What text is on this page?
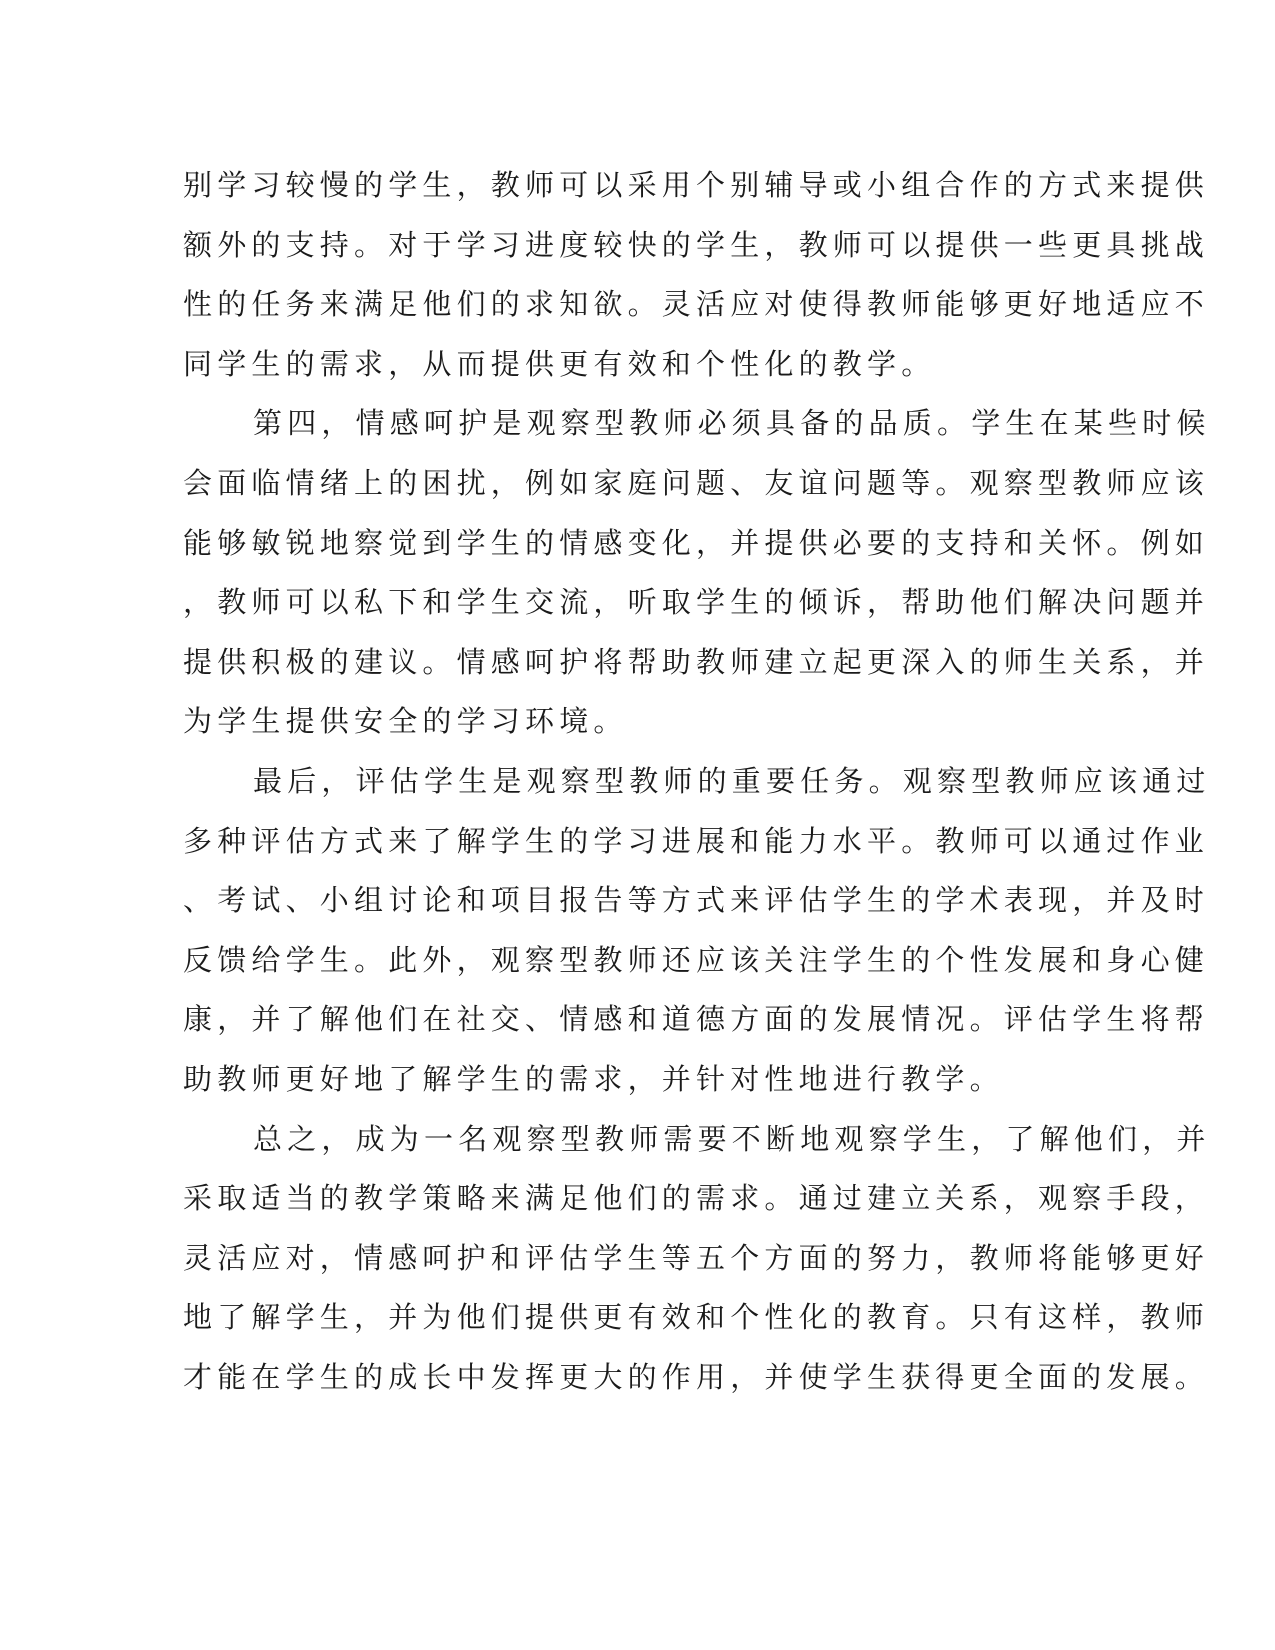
别学习较慢的学生，教师可以采用个别辅导或小组合作的方式来提供
额外的支持。对于学习进度较快的学生，教师可以提供一些更具挑战
性的任务来满足他们的求知欲。灵活应对使得教师能够更好地适应不
同学生的需求，从而提供更有效和个性化的教学。
第四，情感呵护是观察型教师必须具备的品质。学生在某些时候
会面临情绪上的困扰，例如家庭问题、友谊问题等。观察型教师应该
能够敏锐地察觉到学生的情感变化，并提供必要的支持和关怀。例如
，教师可以私下和学生交流，听取学生的倾诉，帮助他们解决问题并
提供积极的建议。情感呵护将帮助教师建立起更深入的师生关系，并
为学生提供安全的学习环境。
最后，评估学生是观察型教师的重要任务。观察型教师应该通过
多种评估方式来了解学生的学习进展和能力水平。教师可以通过作业
、考试、小组讨论和项目报告等方式来评估学生的学术表现，并及时
反馈给学生。此外，观察型教师还应该关注学生的个性发展和身心健
康，并了解他们在社交、情感和道德方面的发展情况。评估学生将帮
助教师更好地了解学生的需求，并针对性地进行教学。
总之，成为一名观察型教师需要不断地观察学生，了解他们，并
采取适当的教学策略来满足他们的需求。通过建立关系，观察手段，
灵活应对，情感呵护和评估学生等五个方面的努力，教师将能够更好
地了解学生，并为他们提供更有效和个性化的教育。只有这样，教师
才能在学生的成长中发挥更大的作用，并使学生获得更全面的发展。
